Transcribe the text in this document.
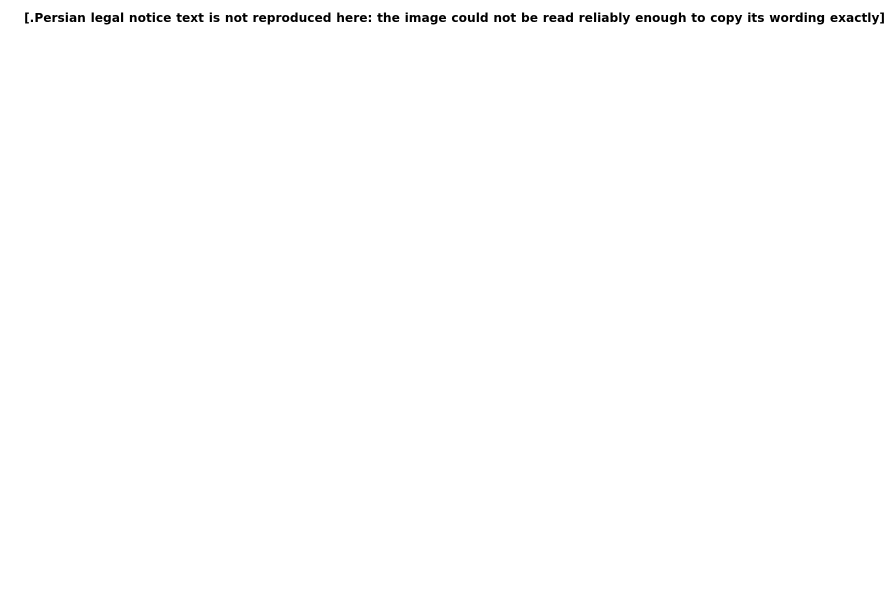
[Persian legal notice text is not reproduced here: the image could not be read reliably enough to copy its wording exactly.]
